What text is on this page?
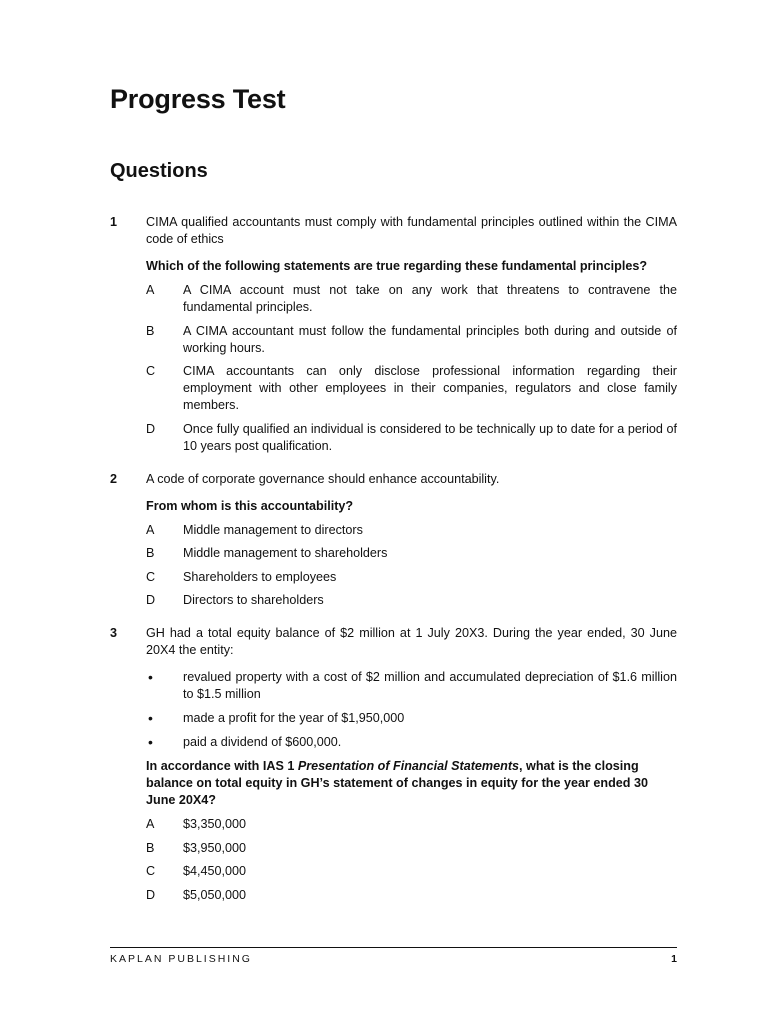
Progress Test
Questions
1 CIMA qualified accountants must comply with fundamental principles outlined within the CIMA code of ethics

Which of the following statements are true regarding these fundamental principles?

A A CIMA account must not take on any work that threatens to contravene the fundamental principles.
B A CIMA accountant must follow the fundamental principles both during and outside of working hours.
C CIMA accountants can only disclose professional information regarding their employment with other employees in their companies, regulators and close family members.
D Once fully qualified an individual is considered to be technically up to date for a period of 10 years post qualification.
2 A code of corporate governance should enhance accountability.

From whom is this accountability?

A Middle management to directors
B Middle management to shareholders
C Shareholders to employees
D Directors to shareholders
3 GH had a total equity balance of $2 million at 1 July 20X3. During the year ended, 30 June 20X4 the entity:

• revalued property with a cost of $2 million and accumulated depreciation of $1.6 million to $1.5 million
• made a profit for the year of $1,950,000
• paid a dividend of $600,000.

In accordance with IAS 1 Presentation of Financial Statements, what is the closing balance on total equity in GH’s statement of changes in equity for the year ended 30 June 20X4?

A $3,350,000
B $3,950,000
C $4,450,000
D $5,050,000
KAPLAN PUBLISHING	1
